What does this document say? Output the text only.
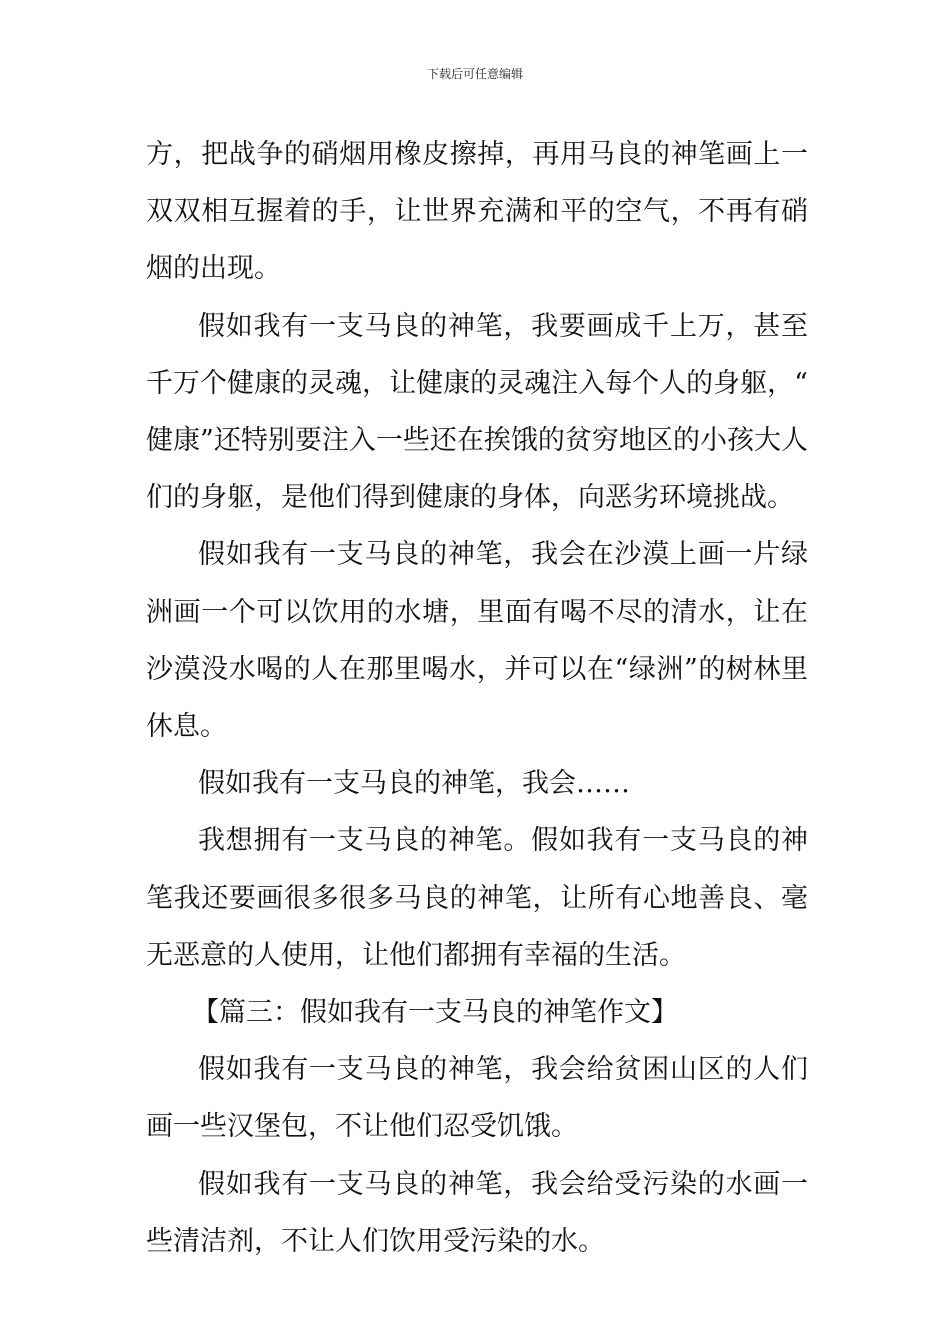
下载后可任意编辑

方，把战争的硝烟用橡皮擦掉，再用马良的神笔画上一双双相互握着的手，让世界充满和平的空气，不再有硝烟的出现。

假如我有一支马良的神笔，我要画成千上万，甚至千万个健康的灵魂，让健康的灵魂注入每个人的身躯，“健康”还特别要注入一些还在挨饿的贫穷地区的小孩大人们的身躯，是他们得到健康的身体，向恶劣环境挑战。

假如我有一支马良的神笔，我会在沙漠上画一片绿洲画一个可以饮用的水塘，里面有喝不尽的清水，让在沙漠没水喝的人在那里喝水，并可以在“绿洲”的树林里休息。

假如我有一支马良的神笔，我会……

我想拥有一支马良的神笔。假如我有一支马良的神笔我还要画很多很多马良的神笔，让所有心地善良、毫无恶意的人使用，让他们都拥有幸福的生活。

【篇三：假如我有一支马良的神笔作文】

假如我有一支马良的神笔，我会给贫困山区的人们画一些汉堡包，不让他们忍受饥饿。

假如我有一支马良的神笔，我会给受污染的水画一些清洁剂，不让人们饮用受污染的水。
